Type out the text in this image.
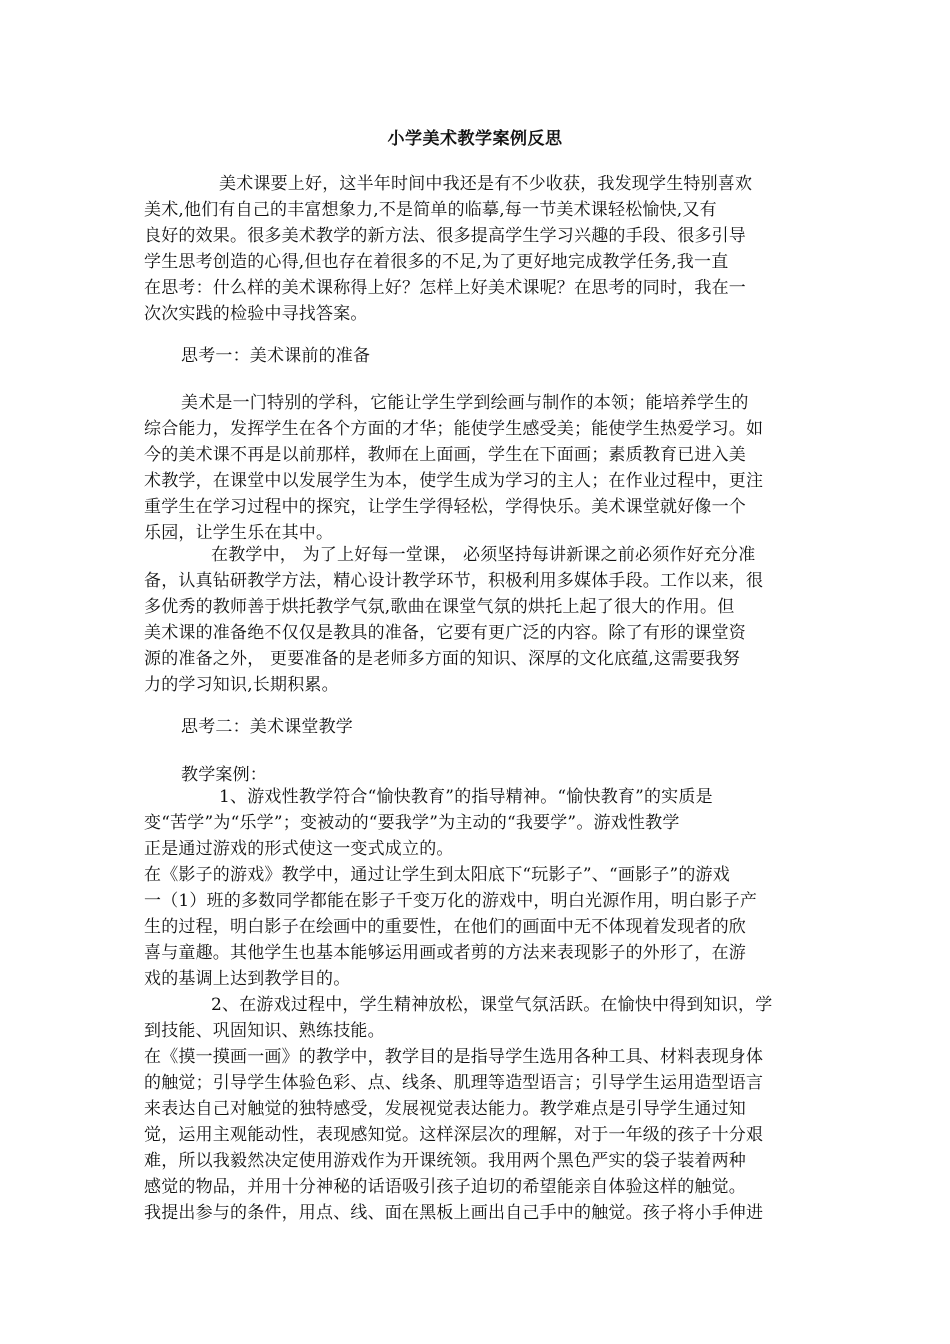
小学美术教学案例反思
美术课要上好，这半年时间中我还是有不少收获，我发现学生特别喜欢
美术,他们有自己的丰富想象力,不是简单的临摹,每一节美术课轻松愉快,又有
良好的效果。很多美术教学的新方法、很多提高学生学习兴趣的手段、很多引导
学生思考创造的心得,但也存在着很多的不足,为了更好地完成教学任务,我一直
在思考：什么样的美术课称得上好？怎样上好美术课呢？在思考的同时，我在一
次次实践的检验中寻找答案。
思考一：美术课前的准备
美术是一门特别的学科，它能让学生学到绘画与制作的本领；能培养学生的
综合能力，发挥学生在各个方面的才华；能使学生感受美；能使学生热爱学习。如
今的美术课不再是以前那样，教师在上面画，学生在下面画；素质教育已进入美
术教学，在课堂中以发展学生为本，使学生成为学习的主人；在作业过程中，更注
重学生在学习过程中的探究，让学生学得轻松，学得快乐。美术课堂就好像一个
乐园，让学生乐在其中。
在教学中， 为了上好每一堂课， 必须坚持每讲新课之前必须作好充分准
备，认真钻研教学方法，精心设计教学环节，积极利用多媒体手段。工作以来，很
多优秀的教师善于烘托教学气氛,歌曲在课堂气氛的烘托上起了很大的作用。但
美术课的准备绝不仅仅是教具的准备，它要有更广泛的内容。除了有形的课堂资
源的准备之外， 更要准备的是老师多方面的知识、深厚的文化底蕴,这需要我努
力的学习知识,长期积累。
思考二：美术课堂教学
教学案例：
1、游戏性教学符合“愉快教育”的指导精神。“愉快教育”的实质是
变“苦学”为“乐学”；变被动的“要我学”为主动的“我要学”。游戏性教学
正是通过游戏的形式使这一变式成立的。
在《影子的游戏》教学中，通过让学生到太阳底下“玩影子”、“画影子”的游戏
一（1）班的多数同学都能在影子千变万化的游戏中，明白光源作用，明白影子产
生的过程，明白影子在绘画中的重要性，在他们的画面中无不体现着发现者的欣
喜与童趣。其他学生也基本能够运用画或者剪的方法来表现影子的外形了，在游
戏的基调上达到教学目的。
2、在游戏过程中，学生精神放松，课堂气氛活跃。在愉快中得到知识，学
到技能、巩固知识、熟练技能。
在《摸一摸画一画》的教学中，教学目的是指导学生选用各种工具、材料表现身体
的触觉；引导学生体验色彩、点、线条、肌理等造型语言；引导学生运用造型语言
来表达自己对触觉的独特感受，发展视觉表达能力。教学难点是引导学生通过知
觉，运用主观能动性，表现感知觉。这样深层次的理解，对于一年级的孩子十分艰
难，所以我毅然决定使用游戏作为开课统领。我用两个黑色严实的袋子装着两种
感觉的物品，并用十分神秘的话语吸引孩子迫切的希望能亲自体验这样的触觉。
我提出参与的条件，用点、线、面在黑板上画出自己手中的触觉。孩子将小手伸进
